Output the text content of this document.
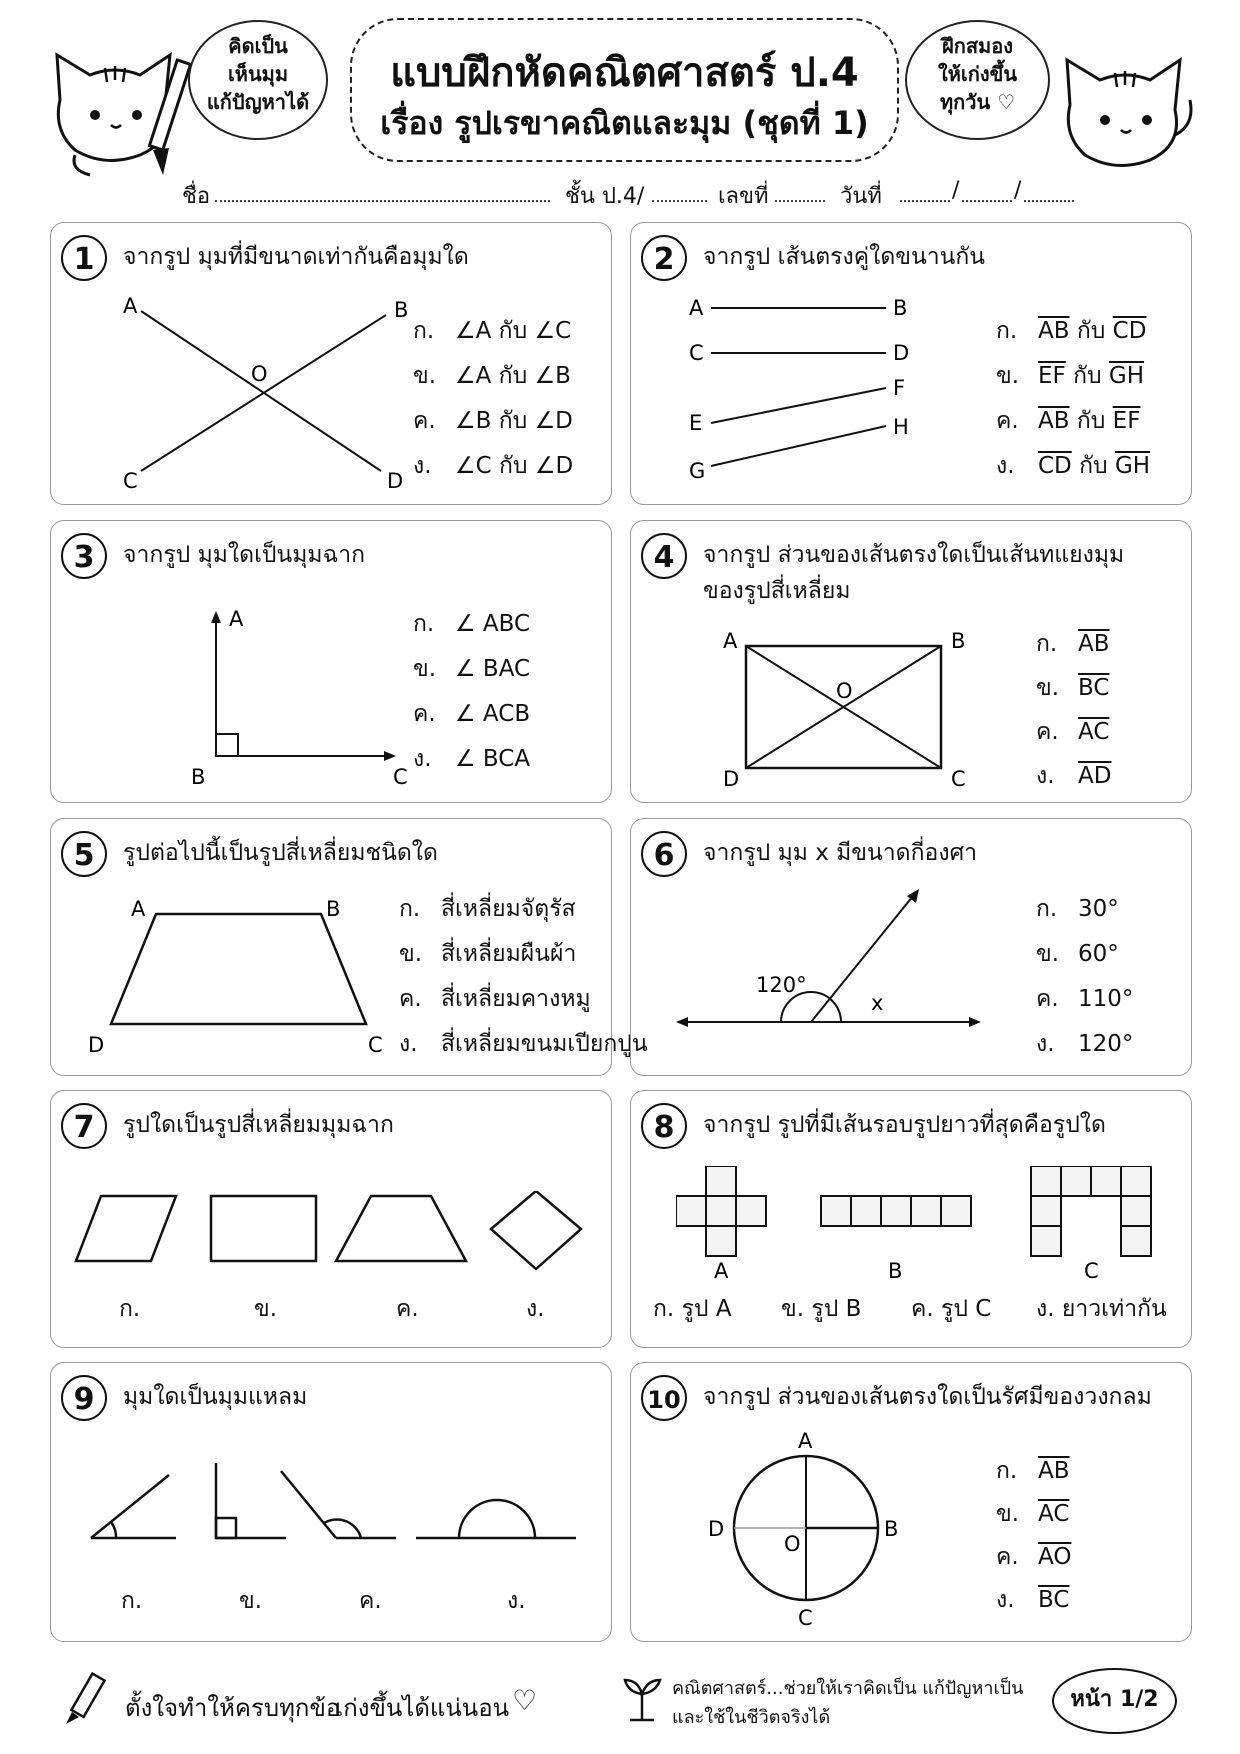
คิดเป็น
เห็นมุม
แก้ปัญหาได้
แบบฝึกหัดคณิตศาสตร์ ป.4
เรื่อง รูปเรขาคณิตและมุม (ชุดที่ 1)
ฝึกสมอง
ให้เก่งขึ้น
ทุกวัน ♡
ชื่อ	ชั้น ป.4/	เลขที่	วันที่	/ /
1	จากรูป มุมที่มีขนาดเท่ากันคือมุมใด
A	B
C	D
O
ก. ∠A กับ ∠C
ข. ∠A กับ ∠B
ค. ∠B กับ ∠D
ง. ∠C กับ ∠D
2	จากรูป เส้นตรงคู่ใดขนานกัน
A	B
C	D
E
F
G
H
ก. $\overline{AB}$ กับ $\overline{CD}$
ข. $\overline{EF}$ กับ $\overline{GH}$
ค. $\overline{AB}$ กับ $\overline{EF}$
ง. $\overline{CD}$ กับ $\overline{GH}$
3	จากรูป มุมใดเป็นมุมฉาก
A
B	C
ก. ∠ ABC
ข. ∠ BAC
ค. ∠ ACB
ง. ∠ BCA
4	จากรูป ส่วนของเส้นตรงใดเป็นเส้นทแยงมุม
ของรูปสี่เหลี่ยม
A	B
C
D
O
ก. $\overline{AB}$
ข. $\overline{BC}$
ค. $\overline{AC}$
ง. $\overline{AD}$
5	รูปต่อไปนี้เป็นรูปสี่เหลี่ยมชนิดใด
A	B
C
D
ก. สี่เหลี่ยมจัตุรัส
ข. สี่เหลี่ยมผืนผ้า
ค. สี่เหลี่ยมคางหมู
ง. สี่เหลี่ยมขนมเปียกปูน
6	จากรูป มุม x มีขนาดกี่องศา
120°
x
ก. 30°
ข. 60°
ค. 110°
ง. 120°
7	รูปใดเป็นรูปสี่เหลี่ยมมุมฉาก
ก.	ข.	ค.	ง.
8	จากรูป รูปที่มีเส้นรอบรูปยาวที่สุดคือรูปใด
A	B	C
ก. รูป A ข. รูป B ค. รูป C ง. ยาวเท่ากัน
9	มุมใดเป็นมุมแหลม
ก.	ข.	ค.	ง.
10 จากรูป ส่วนของเส้นตรงใดเป็นรัศมีของวงกลม
A
B
C
D
O
ก. $\overline{AB}$
ข. $\overline{AC}$
ค. $\overline{AO}$
ง. $\overline{BC}$
ตั้งใจทำให้ครบทุกข้อ
เก่งขึ้นได้แน่นอน ♡	คณิตศาสตร์...ช่วยให้เราคิดเป็น แก้ปัญหาเป็น
และใช้ในชีวิตจริงได้
หน้า 1/2
